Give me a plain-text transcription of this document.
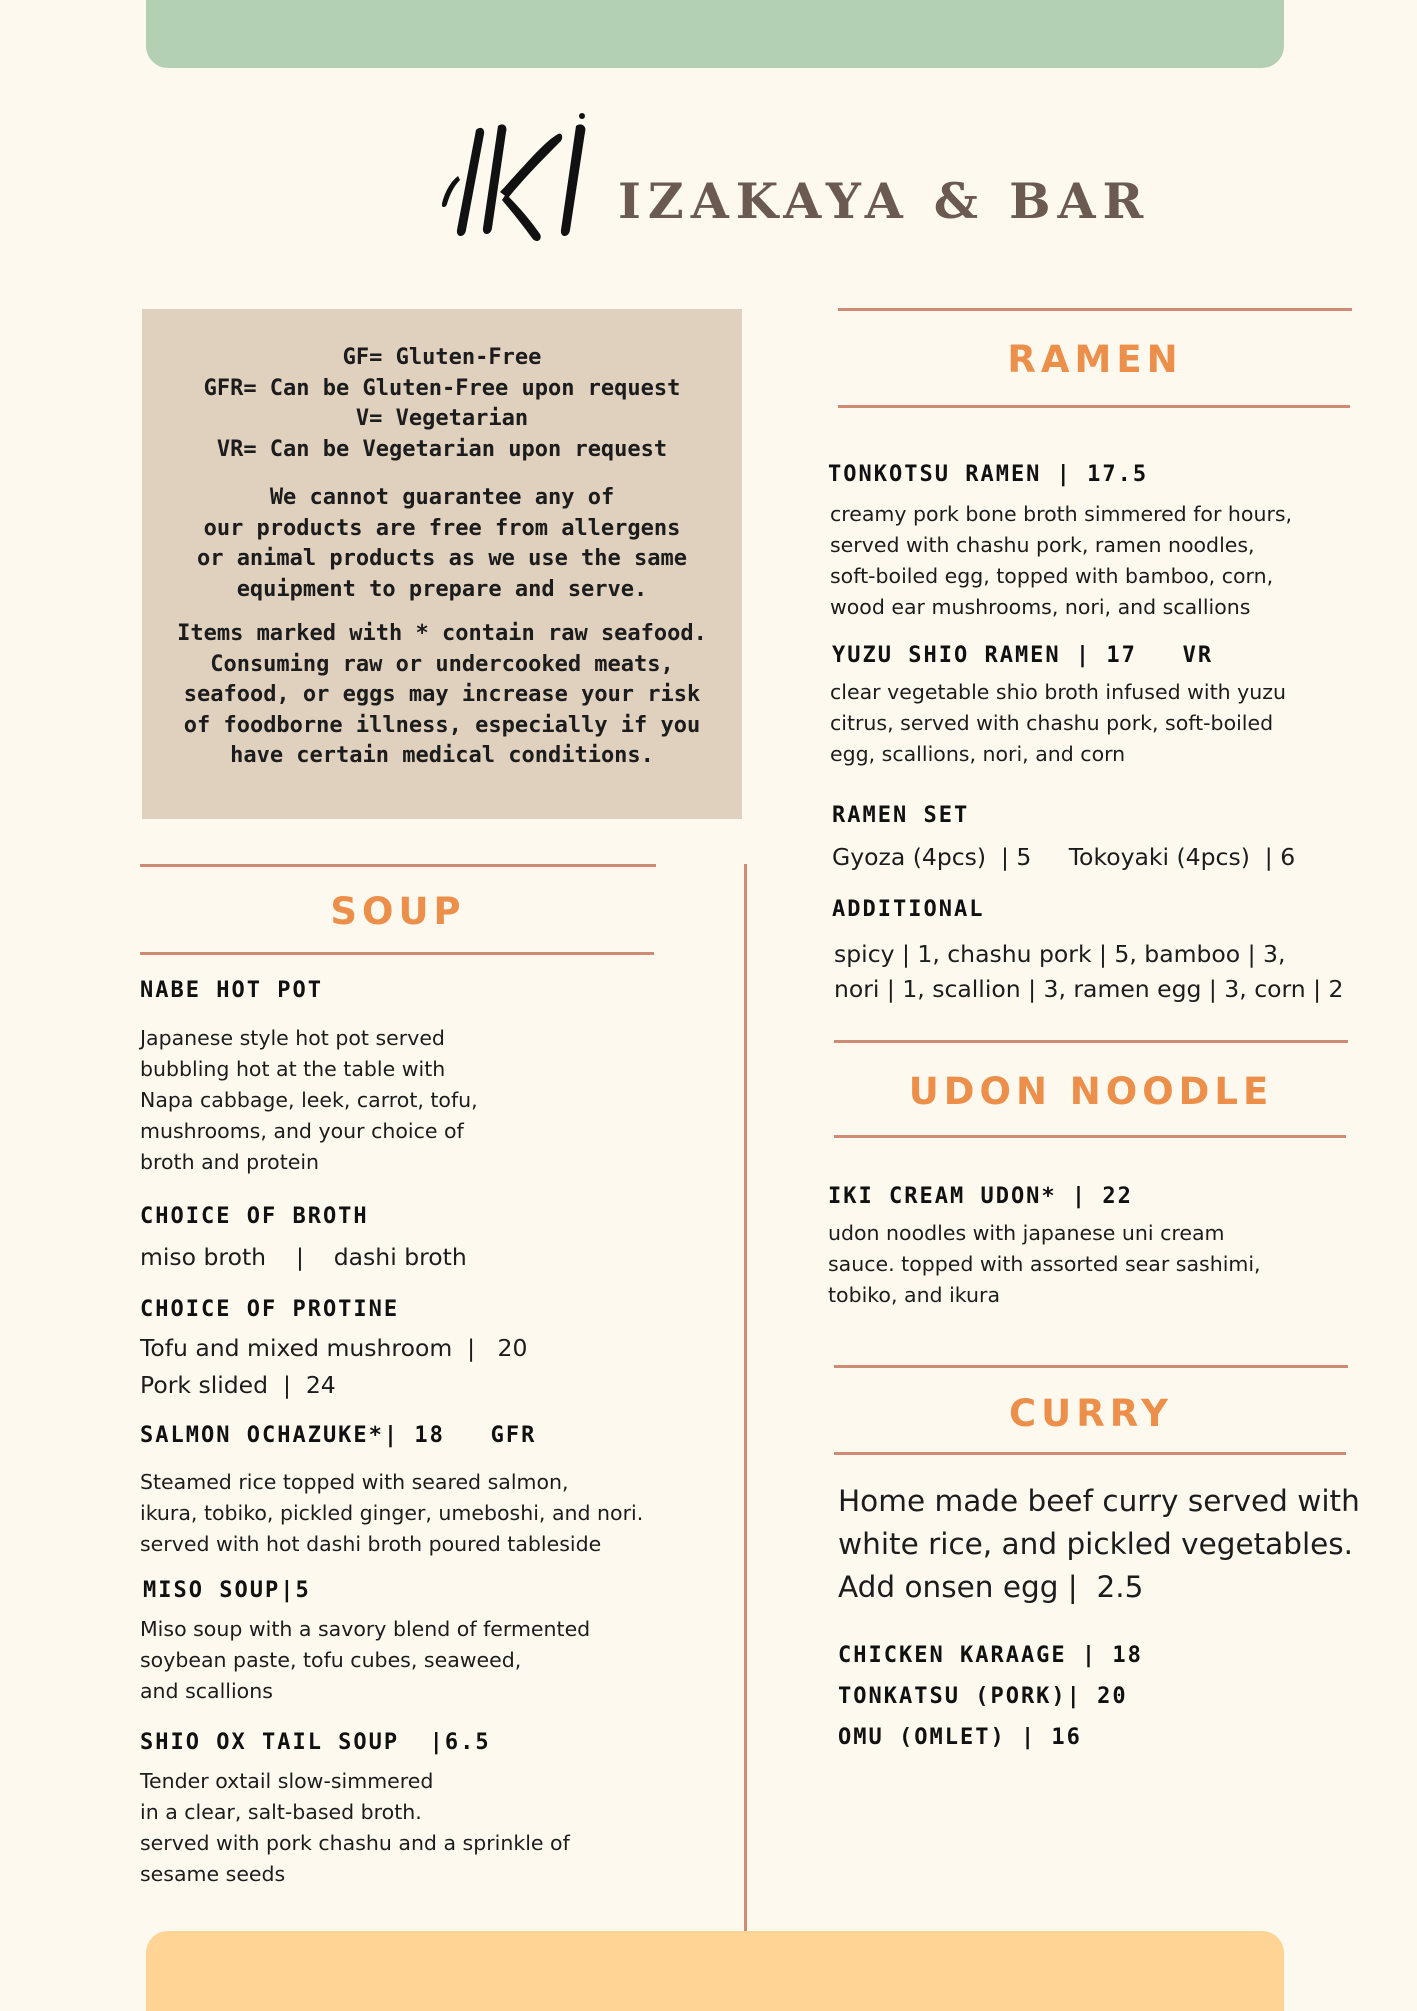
IZAKAYA & BAR

GF= Gluten-Free
GFR= Can be Gluten-Free upon request
V= Vegetarian
VR= Can be Vegetarian upon request

We cannot guarantee any of
our products are free from allergens
or animal products as we use the same
equipment to prepare and serve.

Items marked with * contain raw seafood.
Consuming raw or undercooked meats,
seafood, or eggs may increase your risk
of foodborne illness, especially if you
have certain medical conditions.

SOUP
NABE HOT POT
Japanese style hot pot served
bubbling hot at the table with
Napa cabbage, leek, carrot, tofu,
mushrooms, and your choice of
broth and protein
CHOICE OF BROTH
miso broth    |    dashi broth
CHOICE OF PROTINE
Tofu and mixed mushroom  |   20
Pork slided  |  24
SALMON OCHAZUKE*| 18   GFR
Steamed rice topped with seared salmon,
ikura, tobiko, pickled ginger, umeboshi, and nori.
served with hot dashi broth poured tableside
MISO SOUP|5
Miso soup with a savory blend of fermented
soybean paste, tofu cubes, seaweed,
and scallions
SHIO OX TAIL SOUP  |6.5
Tender oxtail slow-simmered
in a clear, salt-based broth.
served with pork chashu and a sprinkle of
sesame seeds
RAMEN
TONKOTSU RAMEN | 17.5
creamy pork bone broth simmered for hours,
served with chashu pork, ramen noodles,
soft-boiled egg, topped with bamboo, corn,
wood ear mushrooms, nori, and scallions
YUZU SHIO RAMEN | 17   VR
clear vegetable shio broth infused with yuzu
citrus, served with chashu pork, soft-boiled
egg, scallions, nori, and corn
RAMEN SET
Gyoza (4pcs)  | 5     Tokoyaki (4pcs)  | 6
ADDITIONAL
spicy | 1, chashu pork | 5, bamboo | 3,
nori | 1, scallion | 3, ramen egg | 3, corn | 2
UDON NOODLE
IKI CREAM UDON* | 22
udon noodles with japanese uni cream
sauce. topped with assorted sear sashimi,
tobiko, and ikura
CURRY
Home made beef curry served with
white rice, and pickled vegetables.
Add onsen egg |  2.5
CHICKEN KARAAGE | 18
TONKATSU (PORK)| 20
OMU (OMLET) | 16
